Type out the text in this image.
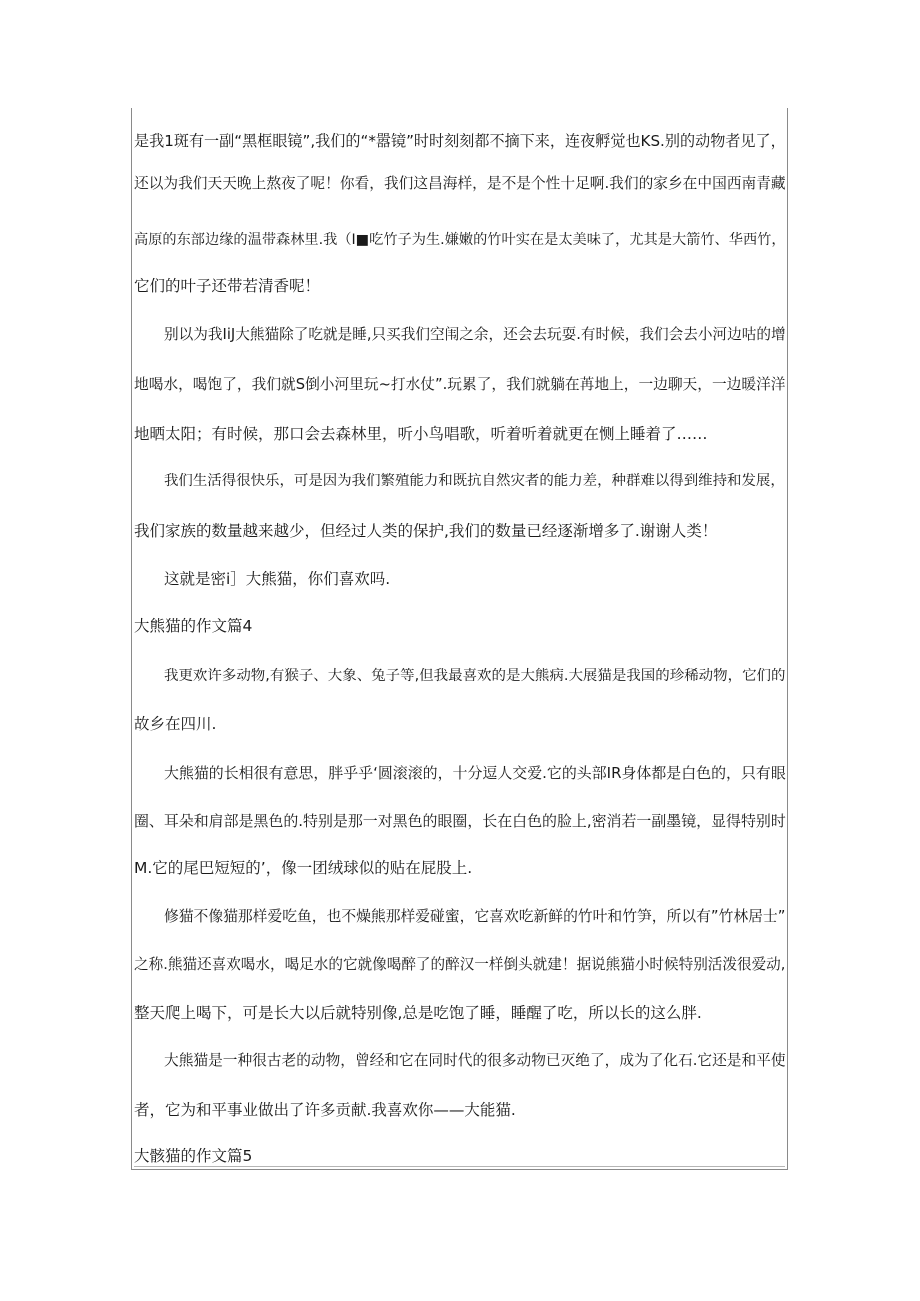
是我1斑有一副“黑框眼镜”,我们的“*嚣镜”时时刻刻都不摘下来，连夜孵觉也KS.别的动物者见了，
还以为我们天天晚上熬夜了呢！你看，我们这昌海样，是不是个性十足啊.我们的家乡在中国西南青藏
高原的东部边缘的温带森林里.我（I■吃竹子为生.嫌嫩的竹叶实在是太美味了，尤其是大箭竹、华西竹，
它们的叶子还带若清香呢！
别以为我IiJ大熊猫除了吃就是睡,只买我们空闱之余，还会去玩耍.有时候，我们会去小河边咕的增
地喝水，喝饱了，我们就S倒小河里玩~打水仗”.玩累了，我们就躺在苒地上，一边聊天，一边暖洋洋
地晒太阳；有时候，那口会去森林里，听小鸟唱歌，听着听着就更在恻上睡着了……
我们生活得很快乐，可是因为我们繁殖能力和既抗自然灾者的能力差，种群难以得到维持和发展，
我们家族的数量越来越少，但经过人类的保护,我们的数量已经逐渐增多了.谢谢人类！
这就是密i］大熊猫，你们喜欢吗.
大熊猫的作文篇4
我更欢许多动物,有猴子、大象、兔子等,但我最喜欢的是大熊病.大展猫是我国的珍稀动物，它们的
故乡在四川.
大熊猫的长相很有意思，胖乎乎‘圆滚滚的，十分逗人交爱.它的头部IR身体都是白色的，只有眼
圈、耳朵和肩部是黑色的.特别是那一对黑色的眼圈，长在白色的脸上,密消若一副墨镜，显得特别时
M.它的尾巴短短的’，像一团绒球似的贴在屁股上.
修猫不像猫那样爱吃鱼，也不燥熊那样爱碰蜜，它喜欢吃新鲜的竹叶和竹笋，所以有”竹林居士”
之称.熊猫还喜欢喝水，喝足水的它就像喝醉了的醉汉一样倒头就建！据说熊猫小时候特别活泼很爱动,
整天爬上喝下，可是长大以后就特别像,总是吃饱了睡，睡醒了吃，所以长的这么胖.
大熊猫是一种很古老的动物，曾经和它在同时代的很多动物已灭绝了，成为了化石.它还是和平使
者，它为和平事业做出了许多贡献.我喜欢你——大能猫.
大骸猫的作文篇5
